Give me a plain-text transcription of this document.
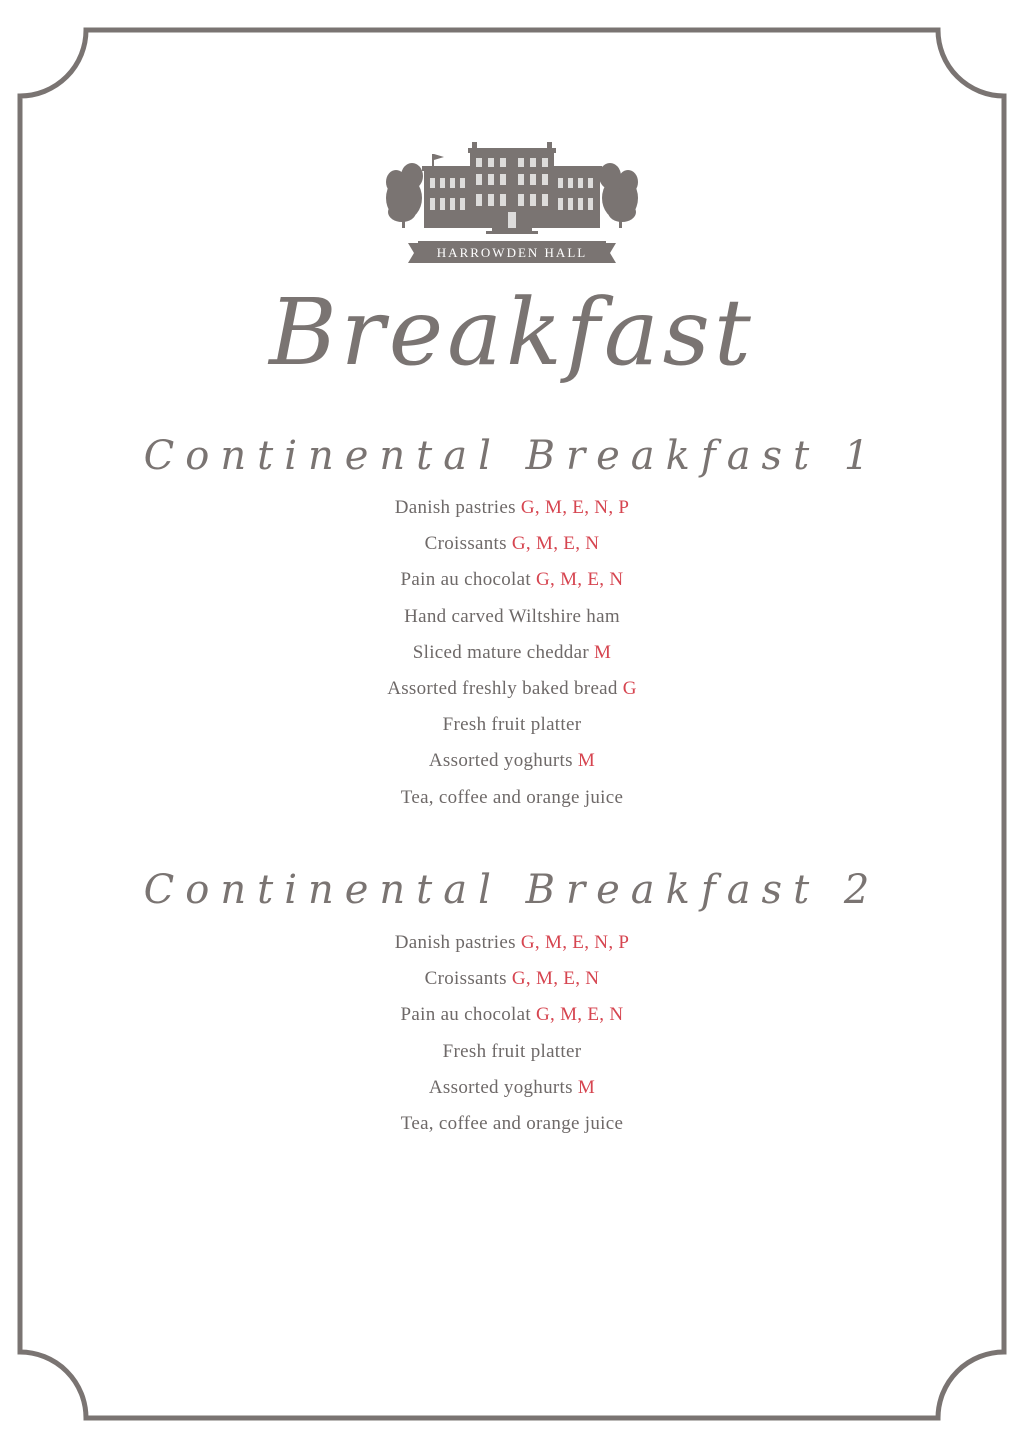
HARROWDEN HALL
Breakfast
Continental Breakfast 1
Danish pastries G, M, E, N, P
Croissants G, M, E, N
Pain au chocolat G, M, E, N
Hand carved Wiltshire ham
Sliced mature cheddar M
Assorted freshly baked bread G
Fresh fruit platter
Assorted yoghurts M
Tea, coffee and orange juice
Continental Breakfast 2
Danish pastries G, M, E, N, P
Croissants G, M, E, N
Pain au chocolat G, M, E, N
Fresh fruit platter
Assorted yoghurts M
Tea, coffee and orange juice
